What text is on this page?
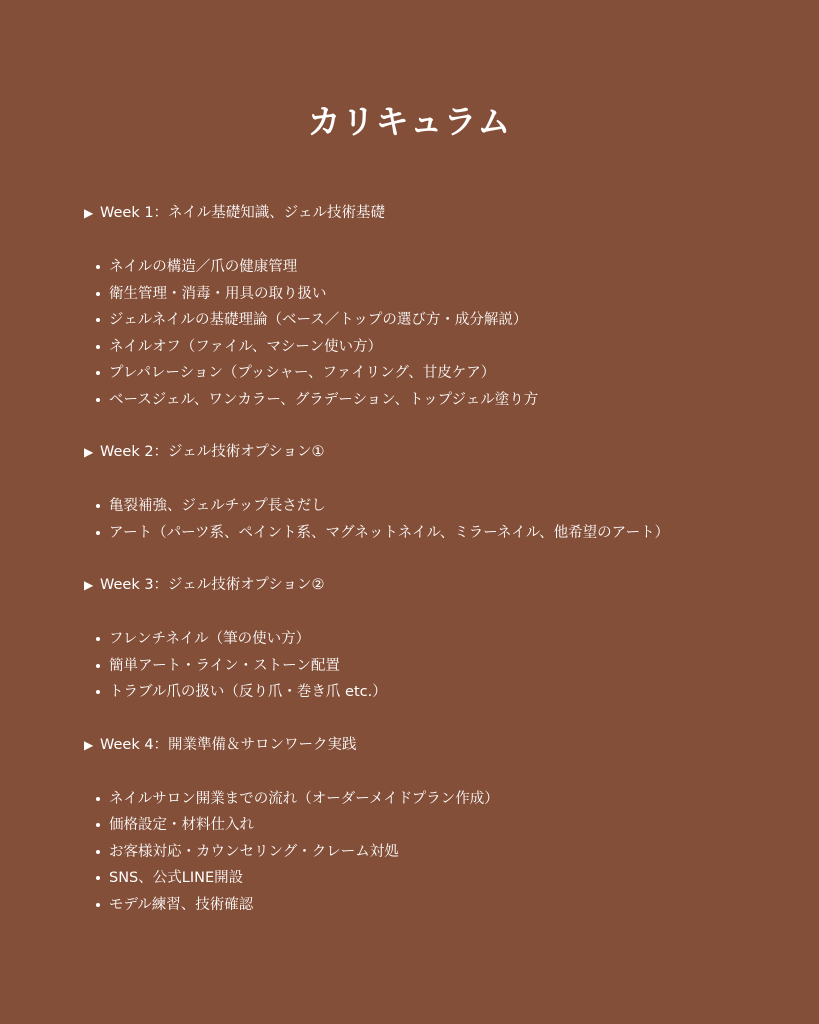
カリキュラム
▶ Week 1：ネイル基礎知識、ジェル技術基礎
ネイルの構造／爪の健康管理
衛生管理・消毒・用具の取り扱い
ジェルネイルの基礎理論（ベース／トップの選び方・成分解説）
ネイルオフ（ファイル、マシーン使い方）
プレパレーション（プッシャー、ファイリング、甘皮ケア）
ベースジェル、ワンカラー、グラデーション、トップジェル塗り方
▶ Week 2：ジェル技術オプション①
亀裂補強、ジェルチップ長さだし
アート（パーツ系、ペイント系、マグネットネイル、ミラーネイル、他希望のアート）
▶ Week 3：ジェル技術オプション②
フレンチネイル（筆の使い方）
簡単アート・ライン・ストーン配置
トラブル爪の扱い（反り爪・巻き爪 etc.）
▶ Week 4：開業準備＆サロンワーク実践
ネイルサロン開業までの流れ（オーダーメイドプラン作成）
価格設定・材料仕入れ
お客様対応・カウンセリング・クレーム対処
SNS、公式LINE開設
モデル練習、技術確認
